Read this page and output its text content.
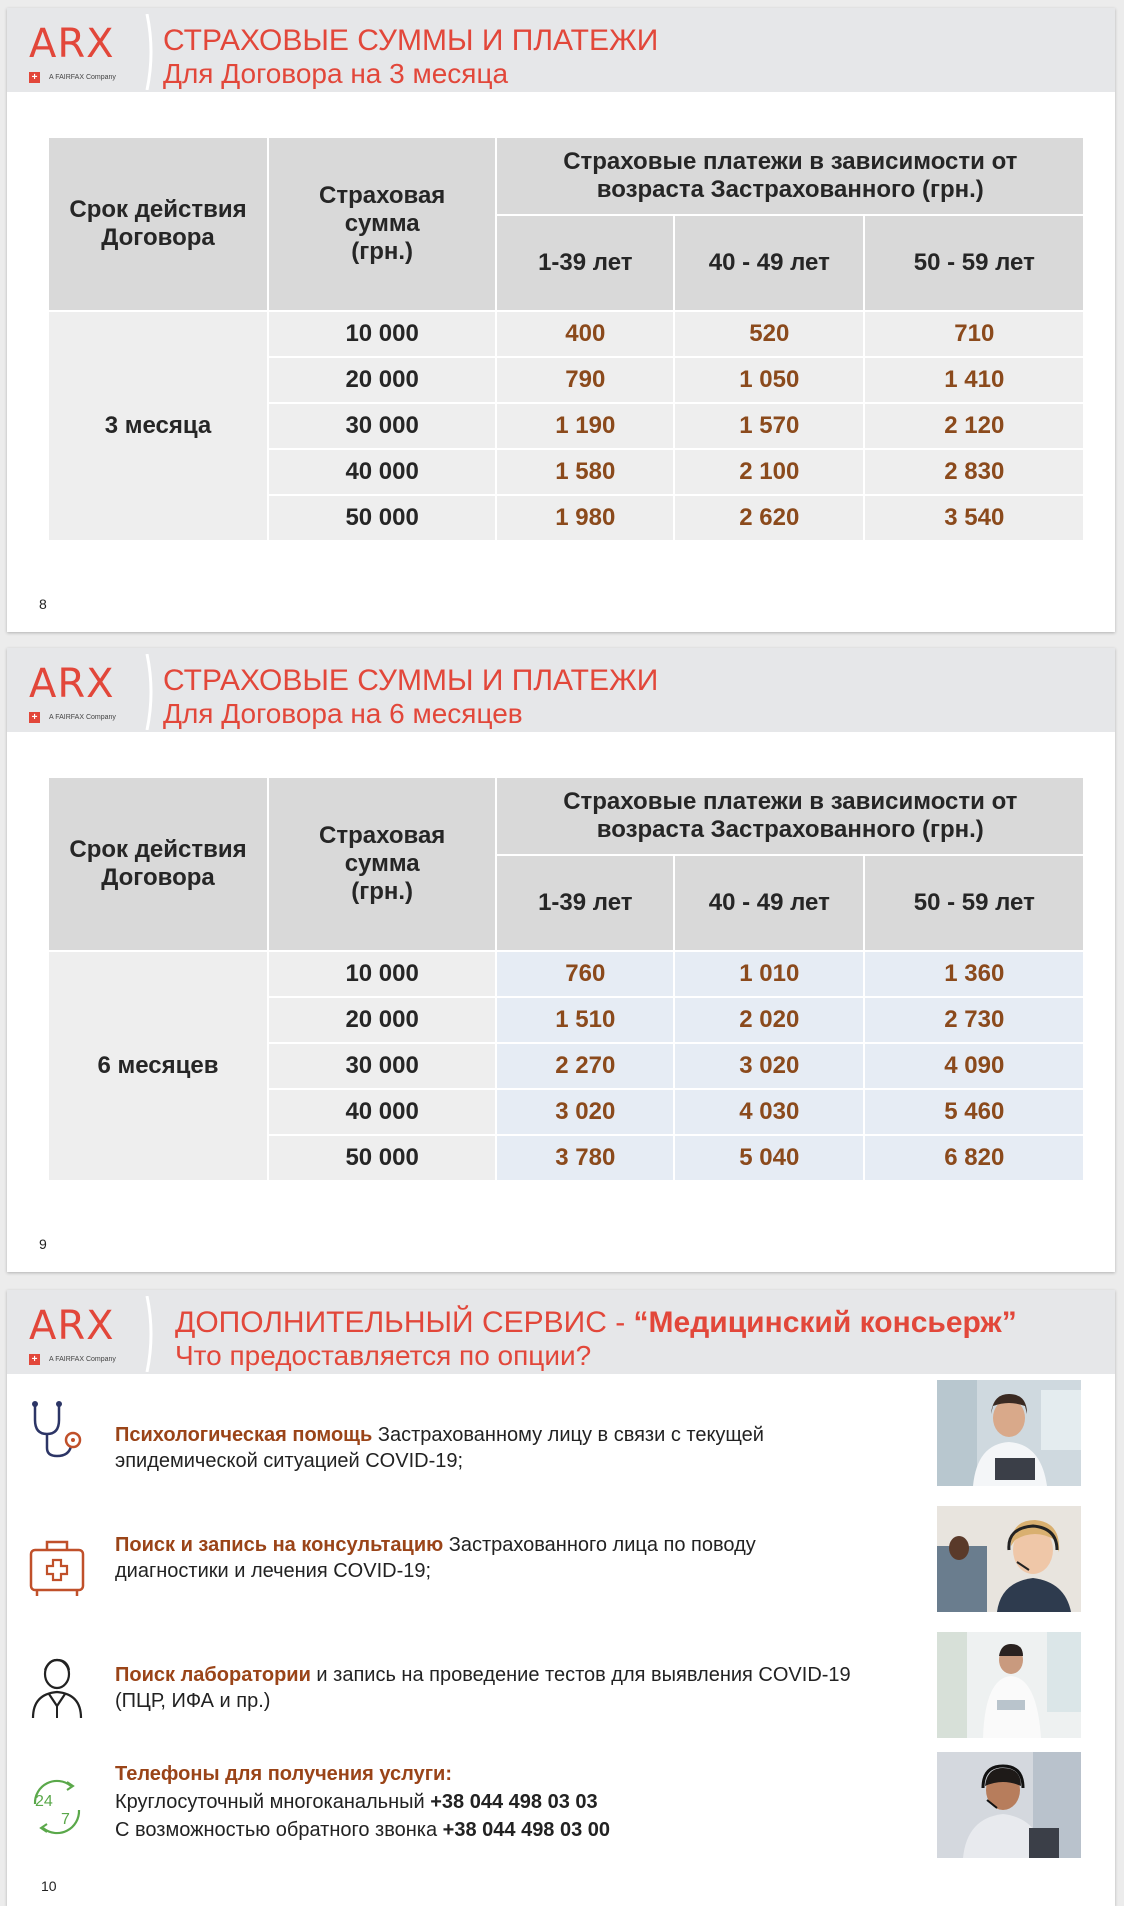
ARX
+	A FAIRFAX Company
СТРАХОВЫЕ СУММЫ И ПЛАТЕЖИ
Для Договора на 3 месяца
Срок действия Договора	Страховая сумма (грн.)	Страховые платежи в зависимости от возраста Застрахованного (грн.)		
		1-39 лет	40 - 49 лет	50 - 59 лет
3 месяца	10 000	400	520	710
	20 000	790	1 050	1 410
	30 000	1 190	1 570	2 120
	40 000	1 580	2 100	2 830
	50 000	1 980	2 620	3 540
8
ARX
+	A FAIRFAX Company
СТРАХОВЫЕ СУММЫ И ПЛАТЕЖИ
Для Договора на 6 месяцев
Срок действия Договора	Страховая сумма (грн.)	Страховые платежи в зависимости от возраста Застрахованного (грн.)		
		1-39 лет	40 - 49 лет	50 - 59 лет
6 месяцев	10 000	760	1 010	1 360
	20 000	1 510	2 020	2 730
	30 000	2 270	3 020	4 090
	40 000	3 020	4 030	5 460
	50 000	3 780	5 040	6 820
9
ARX
+	A FAIRFAX Company
ДОПОЛНИТЕЛЬНЫЙ СЕРВИС - “Медицинский консьерж”
Что предоставляется по опции?
Психологическая помощь Застрахованному лицу в связи с текущей
эпидемической ситуацией COVID-19;
Поиск и запись на консультацию Застрахованного лица по поводу
диагностики и лечения COVID-19;
Поиск лаборатории и запись на проведение тестов для выявления COVID-19
(ПЦР, ИФА и пр.)
24
7
Телефоны для получения услуги:
Круглосуточный многоканальный +38 044 498 03 03
С возможностью обратного звонка +38 044 498 03 00
10
